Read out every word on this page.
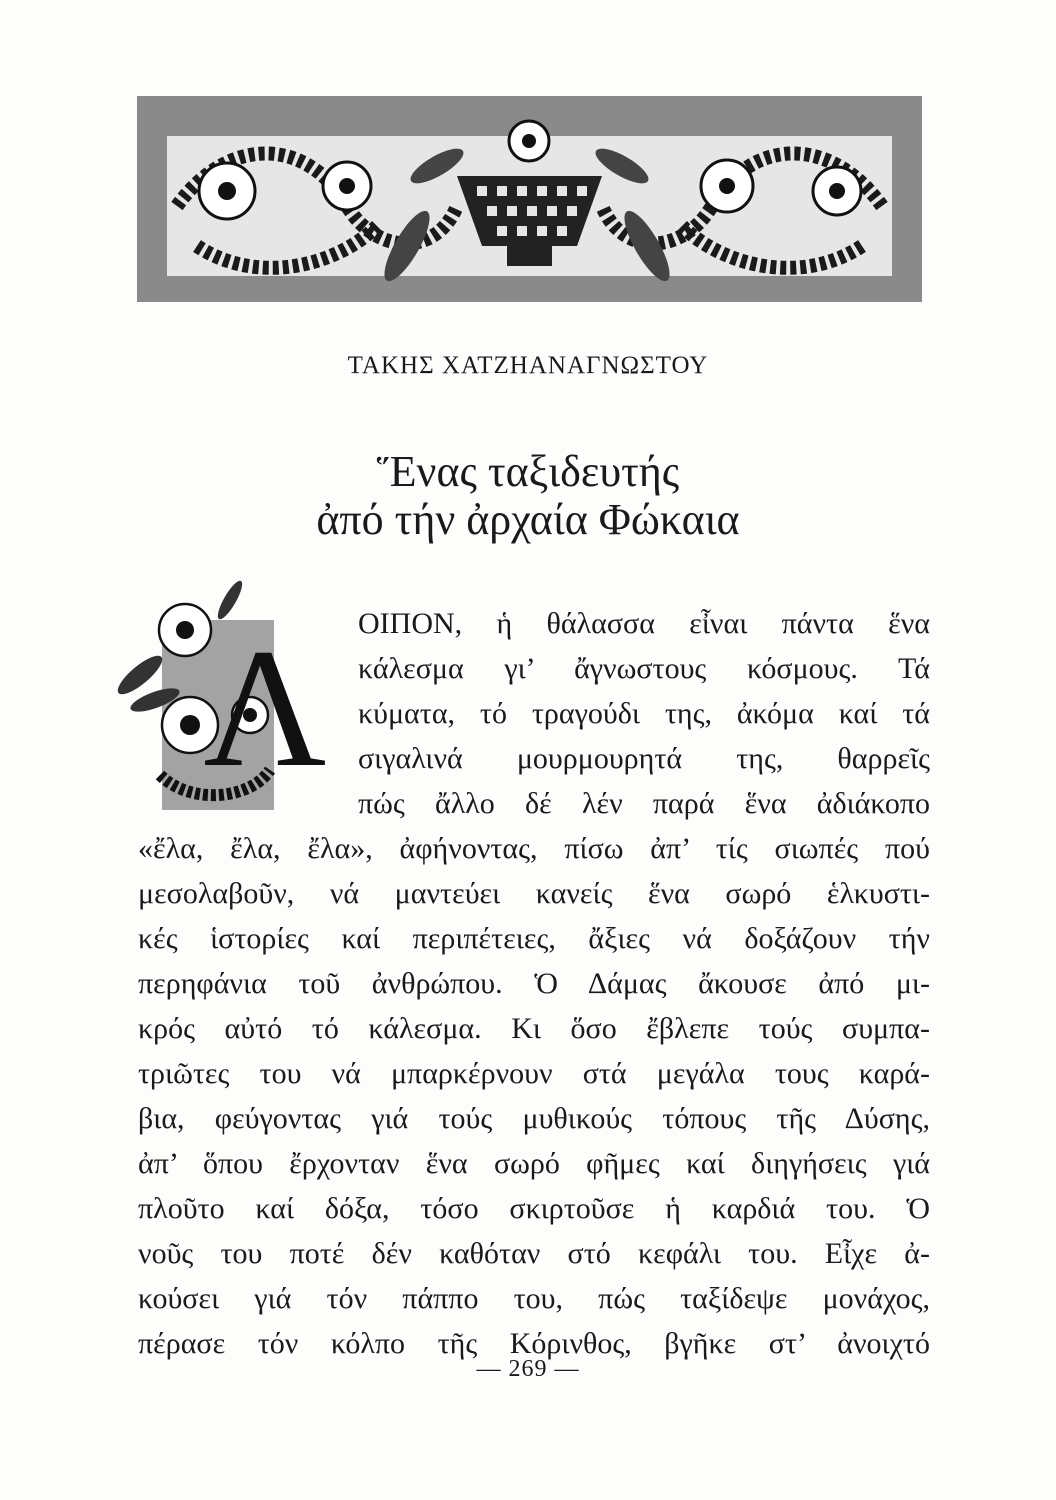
ΤΑΚΗΣ ΧΑΤΖΗΑΝΑΓΝΩΣΤΟΥ
Ἕνας ταξιδευτής
ἀπό τήν ἀρχαία Φώκαια
Λ ΟΙΠΟΝ, ἡ θάλασσα εἶναι πάντα ἕνα
κάλεσμα γι’ ἄγνωστους κόσμους. Τά
κύματα, τό τραγούδι της, ἀκόμα καί τά
σιγαλινά μουρμουρητά της, θαρρεῖς
πώς ἄλλο δέ λέν παρά ἕνα ἀδιάκοπο
«ἔλα, ἔλα, ἔλα», ἀφήνοντας, πίσω ἀπ’ τίς σιωπές πού
μεσολαβοῦν, νά μαντεύει κανείς ἕνα σωρό ἑλκυστι-
κές ἱστορίες καί περιπέτειες, ἄξιες νά δοξάζουν τήν
περηφάνια τοῦ ἀνθρώπου. Ὁ Δάμας ἄκουσε ἀπό μι-
κρός αὐτό τό κάλεσμα. Κι ὅσο ἔβλεπε τούς συμπα-
τριῶτες του νά μπαρκέρνουν στά μεγάλα τους καρά-
βια, φεύγοντας γιά τούς μυθικούς τόπους τῆς Δύσης,
ἀπ’ ὅπου ἔρχονταν ἕνα σωρό φῆμες καί διηγήσεις γιά
πλοῦτο καί δόξα, τόσο σκιρτοῦσε ἡ καρδιά του. Ὁ
νοῦς του ποτέ δέν καθόταν στό κεφάλι του. Εἶχε ἀ-
κούσει γιά τόν πάππο του, πώς ταξίδεψε μονάχος,
πέρασε τόν κόλπο τῆς Κόρινθος, βγῆκε στ’ ἀνοιχτό
— 269 —
